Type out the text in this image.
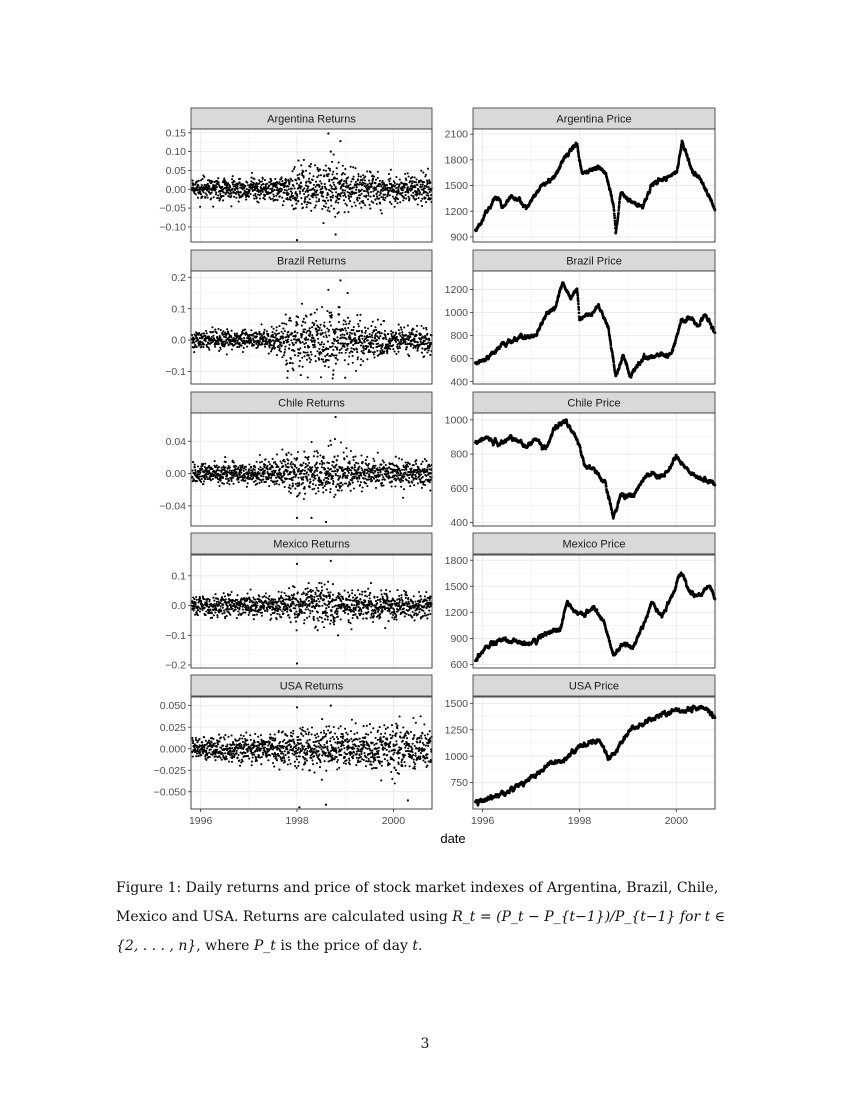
Argentina Returns
−0.10
−0.05
0.00
0.05
0.10
0.15
Argentina Price
900
1200
1500
1800
2100
Brazil Returns
−0.1
0.0
0.1
0.2
Brazil Price
400
600
800
1000
1200
Chile Returns
−0.04
0.00
0.04
Chile Price
400
600
800
1000
Mexico Returns
−0.2
−0.1
0.0
0.1
Mexico Price
600
900
1200
1500
1800
USA Returns
−0.050
−0.025
0.000
0.025
0.050
1996	1998	2000
USA Price
750
1000
1250
1500
1996	1998	2000
date
Figure 1: Daily returns and price of stock market indexes of Argentina, Brazil, Chile, Mexico and USA. Returns are calculated using R_t = (P_t − P_{t−1})/P_{t−1} for t ∈ {2, . . . , n}, where P_t is the price of day t.
3
